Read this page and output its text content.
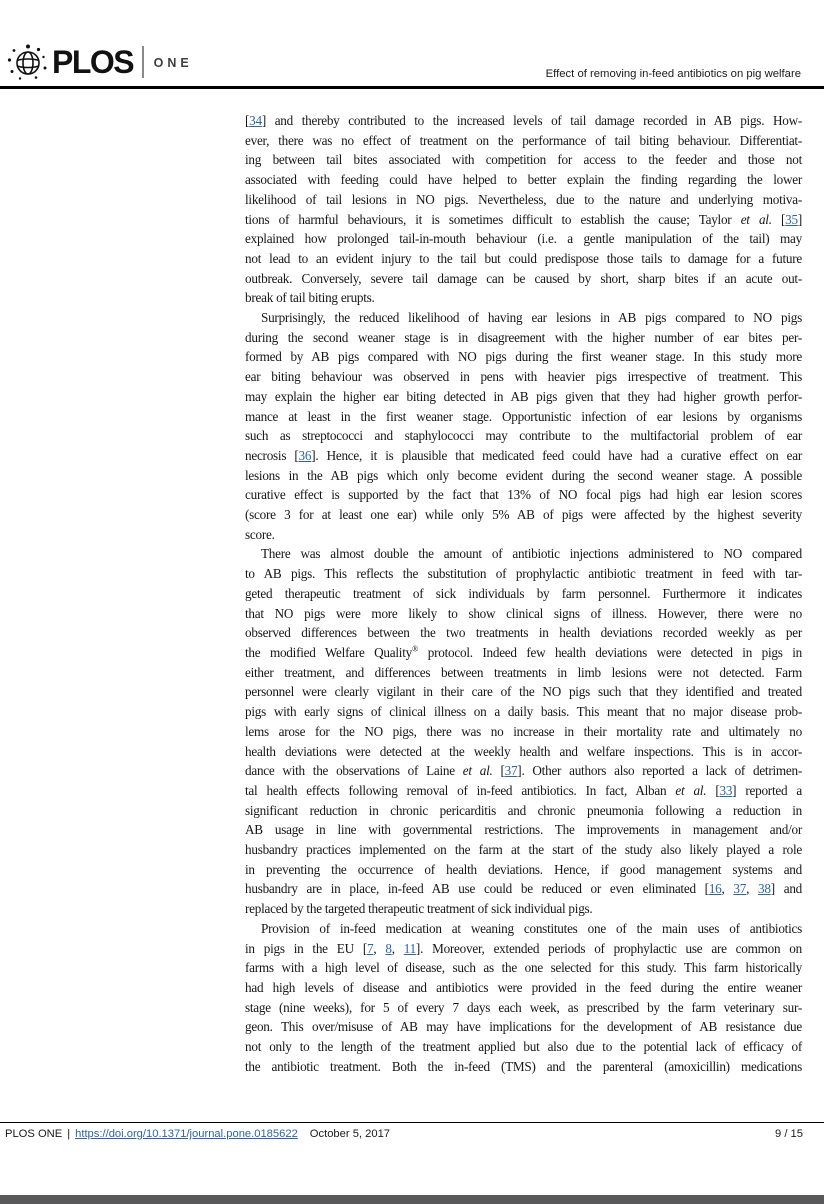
PLOS ONE
Effect of removing in-feed antibiotics on pig welfare
[34] and thereby contributed to the increased levels of tail damage recorded in AB pigs. How-
ever, there was no effect of treatment on the performance of tail biting behaviour. Differentiat-
ing between tail bites associated with competition for access to the feeder and those not
associated with feeding could have helped to better explain the finding regarding the lower
likelihood of tail lesions in NO pigs. Nevertheless, due to the nature and underlying motiva-
tions of harmful behaviours, it is sometimes difficult to establish the cause; Taylor et al. [35]
explained how prolonged tail-in-mouth behaviour (i.e. a gentle manipulation of the tail) may
not lead to an evident injury to the tail but could predispose those tails to damage for a future
outbreak. Conversely, severe tail damage can be caused by short, sharp bites if an acute out-
break of tail biting erupts.
Surprisingly, the reduced likelihood of having ear lesions in AB pigs compared to NO pigs
during the second weaner stage is in disagreement with the higher number of ear bites per-
formed by AB pigs compared with NO pigs during the first weaner stage. In this study more
ear biting behaviour was observed in pens with heavier pigs irrespective of treatment. This
may explain the higher ear biting detected in AB pigs given that they had higher growth perfor-
mance at least in the first weaner stage. Opportunistic infection of ear lesions by organisms
such as streptococci and staphylococci may contribute to the multifactorial problem of ear
necrosis [36]. Hence, it is plausible that medicated feed could have had a curative effect on ear
lesions in the AB pigs which only become evident during the second weaner stage. A possible
curative effect is supported by the fact that 13% of NO focal pigs had high ear lesion scores
(score 3 for at least one ear) while only 5% AB of pigs were affected by the highest severity
score.
There was almost double the amount of antibiotic injections administered to NO compared
to AB pigs. This reflects the substitution of prophylactic antibiotic treatment in feed with tar-
geted therapeutic treatment of sick individuals by farm personnel. Furthermore it indicates
that NO pigs were more likely to show clinical signs of illness. However, there were no
observed differences between the two treatments in health deviations recorded weekly as per
the modified Welfare Quality® protocol. Indeed few health deviations were detected in pigs in
either treatment, and differences between treatments in limb lesions were not detected. Farm
personnel were clearly vigilant in their care of the NO pigs such that they identified and treated
pigs with early signs of clinical illness on a daily basis. This meant that no major disease prob-
lems arose for the NO pigs, there was no increase in their mortality rate and ultimately no
health deviations were detected at the weekly health and welfare inspections. This is in accor-
dance with the observations of Laine et al. [37]. Other authors also reported a lack of detrimen-
tal health effects following removal of in-feed antibiotics. In fact, Alban et al. [33] reported a
significant reduction in chronic pericarditis and chronic pneumonia following a reduction in
AB usage in line with governmental restrictions. The improvements in management and/or
husbandry practices implemented on the farm at the start of the study also likely played a role
in preventing the occurrence of health deviations. Hence, if good management systems and
husbandry are in place, in-feed AB use could be reduced or even eliminated [16, 37, 38] and
replaced by the targeted therapeutic treatment of sick individual pigs.
Provision of in-feed medication at weaning constitutes one of the main uses of antibiotics
in pigs in the EU [7, 8, 11]. Moreover, extended periods of prophylactic use are common on
farms with a high level of disease, such as the one selected for this study. This farm historically
had high levels of disease and antibiotics were provided in the feed during the entire weaner
stage (nine weeks), for 5 of every 7 days each week, as prescribed by the farm veterinary sur-
geon. This over/misuse of AB may have implications for the development of AB resistance due
not only to the length of the treatment applied but also due to the potential lack of efficacy of
the antibiotic treatment. Both the in-feed (TMS) and the parenteral (amoxicillin) medications
PLOS ONE | https://doi.org/10.1371/journal.pone.0185622 October 5, 2017	9 / 15
